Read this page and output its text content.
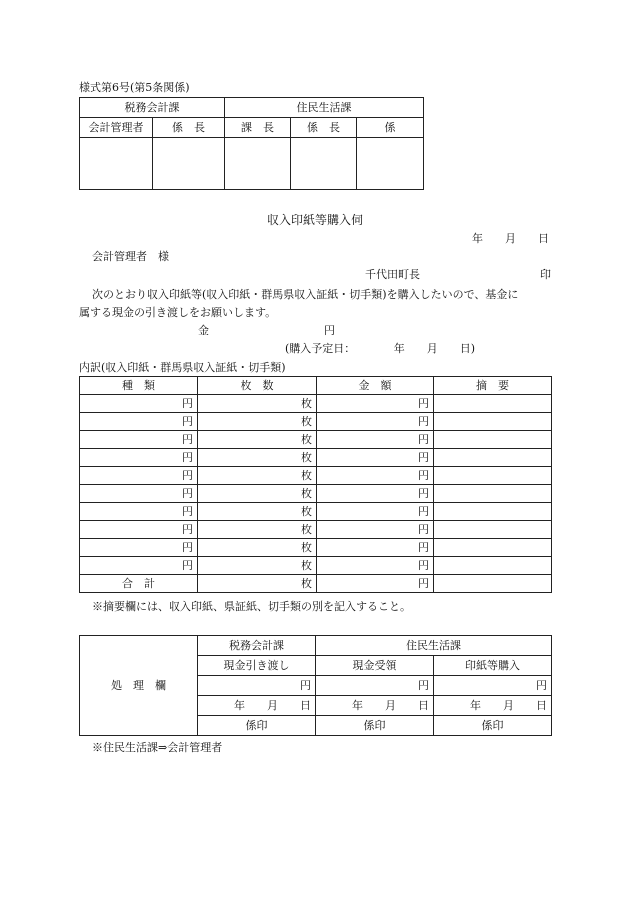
様式第6号(第5条関係)
税務会計課		住民生活課		
会計管理者	係　長	課　長	係　長	係

収入印紙等購入伺
年　　月　　日
会計管理者　様
千代田町長	印
次のとおり収入印紙等(収入印紙・群馬県収入証紙・切手類)を購入したいので、基金に
属する現金の引き渡しをお願いします。
金	円
(購入予定日：　　　　年　　月　　日)
内訳(収入印紙・群馬県収入証紙・切手類)
種　類	枚　数	金　額	摘　要
円	枚	円	
円	枚	円	
円	枚	円	
円	枚	円	
円	枚	円	
円	枚	円	
円	枚	円	
円	枚	円	
円	枚	円	
円	枚	円	
合　計	枚	円	
※摘要欄には、収入印紙、県証紙、切手類の別を記入すること。
処　理　欄	税務会計課	住民生活課	
	現金引き渡し	現金受領	印紙等購入
	円	円	円
	年　　月　　日	年　　月　　日	年　　月　　日
	係印	係印	係印
※住民生活課⇒会計管理者
